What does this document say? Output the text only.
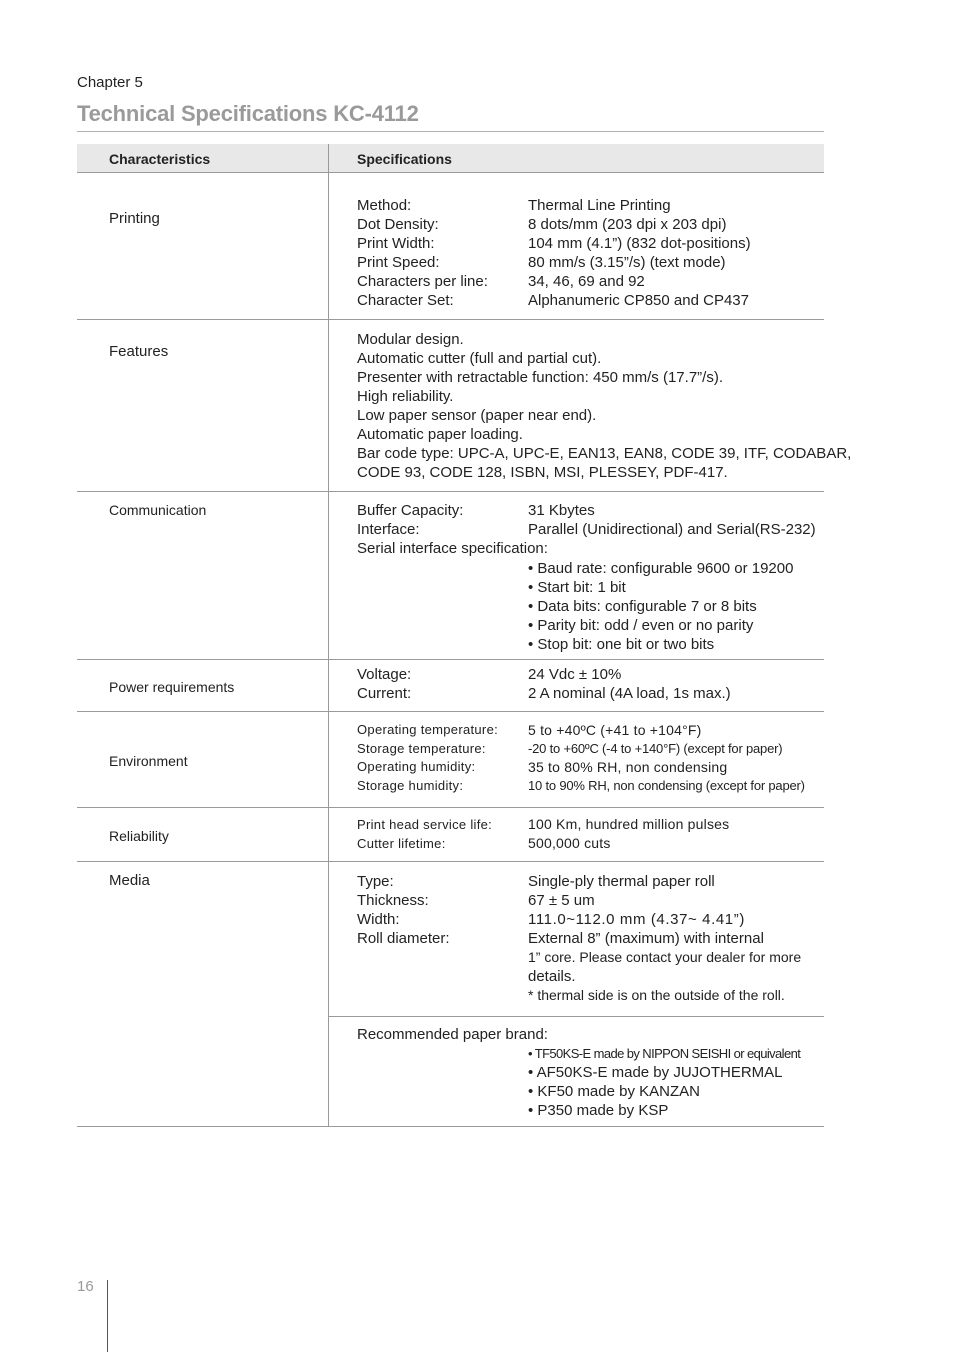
Chapter 5
Technical Specifications KC-4112
Characteristics	Specifications
Printing
Method:	Thermal Line Printing
Dot Density:	8 dots/mm (203 dpi x 203 dpi)
Print Width:	104 mm (4.1”) (832 dot-positions)
Print Speed:	80 mm/s (3.15”/s) (text mode)
Characters per line:	34, 46, 69 and 92
Character Set:	Alphanumeric CP850 and CP437
Features
Modular design.
Automatic cutter (full and partial cut).
Presenter with retractable function: 450 mm/s (17.7”/s).
High reliability.
Low paper sensor (paper near end).
Automatic paper loading.
Bar code type: UPC-A, UPC-E, EAN13, EAN8, CODE 39, ITF, CODABAR,
CODE 93, CODE 128, ISBN, MSI, PLESSEY, PDF-417.
Communication	Buffer Capacity:	31 Kbytes
Interface:	Parallel (Unidirectional) and Serial(RS-232)
Serial interface specification:
• Baud rate: configurable 9600 or 19200
• Start bit: 1 bit
• Data bits: configurable 7 or 8 bits
• Parity bit: odd / even or no parity
• Stop bit: one bit or two bits
Power requirements
Voltage:	24 Vdc ± 10%
Current:	2 A nominal (4A load, 1s max.)
Environment
Operating temperature:	5 to +40ºC (+41 to +104°F)
Storage temperature:	-20 to +60ºC (-4 to +140°F) (except for paper)
Operating humidity:	35 to 80% RH, non condensing
Storage humidity:	10 to 90% RH, non condensing (except for paper)
Reliability
Print head service life:	100 Km, hundred million pulses
Cutter lifetime:	500,000 cuts
Media	Type:	Single-ply thermal paper roll
Thickness:	67 ± 5 um
Width:	111.0~112.0 mm (4.37~ 4.41”)
Roll diameter:	External 8” (maximum) with internal
1” core. Please contact your dealer for more
details.
* thermal side is on the outside of the roll.
Recommended paper brand:
• TF50KS-E made by NIPPON SEISHI or equivalent
• AF50KS-E made by JUJOTHERMAL
• KF50 made by KANZAN
• P350 made by KSP
16
